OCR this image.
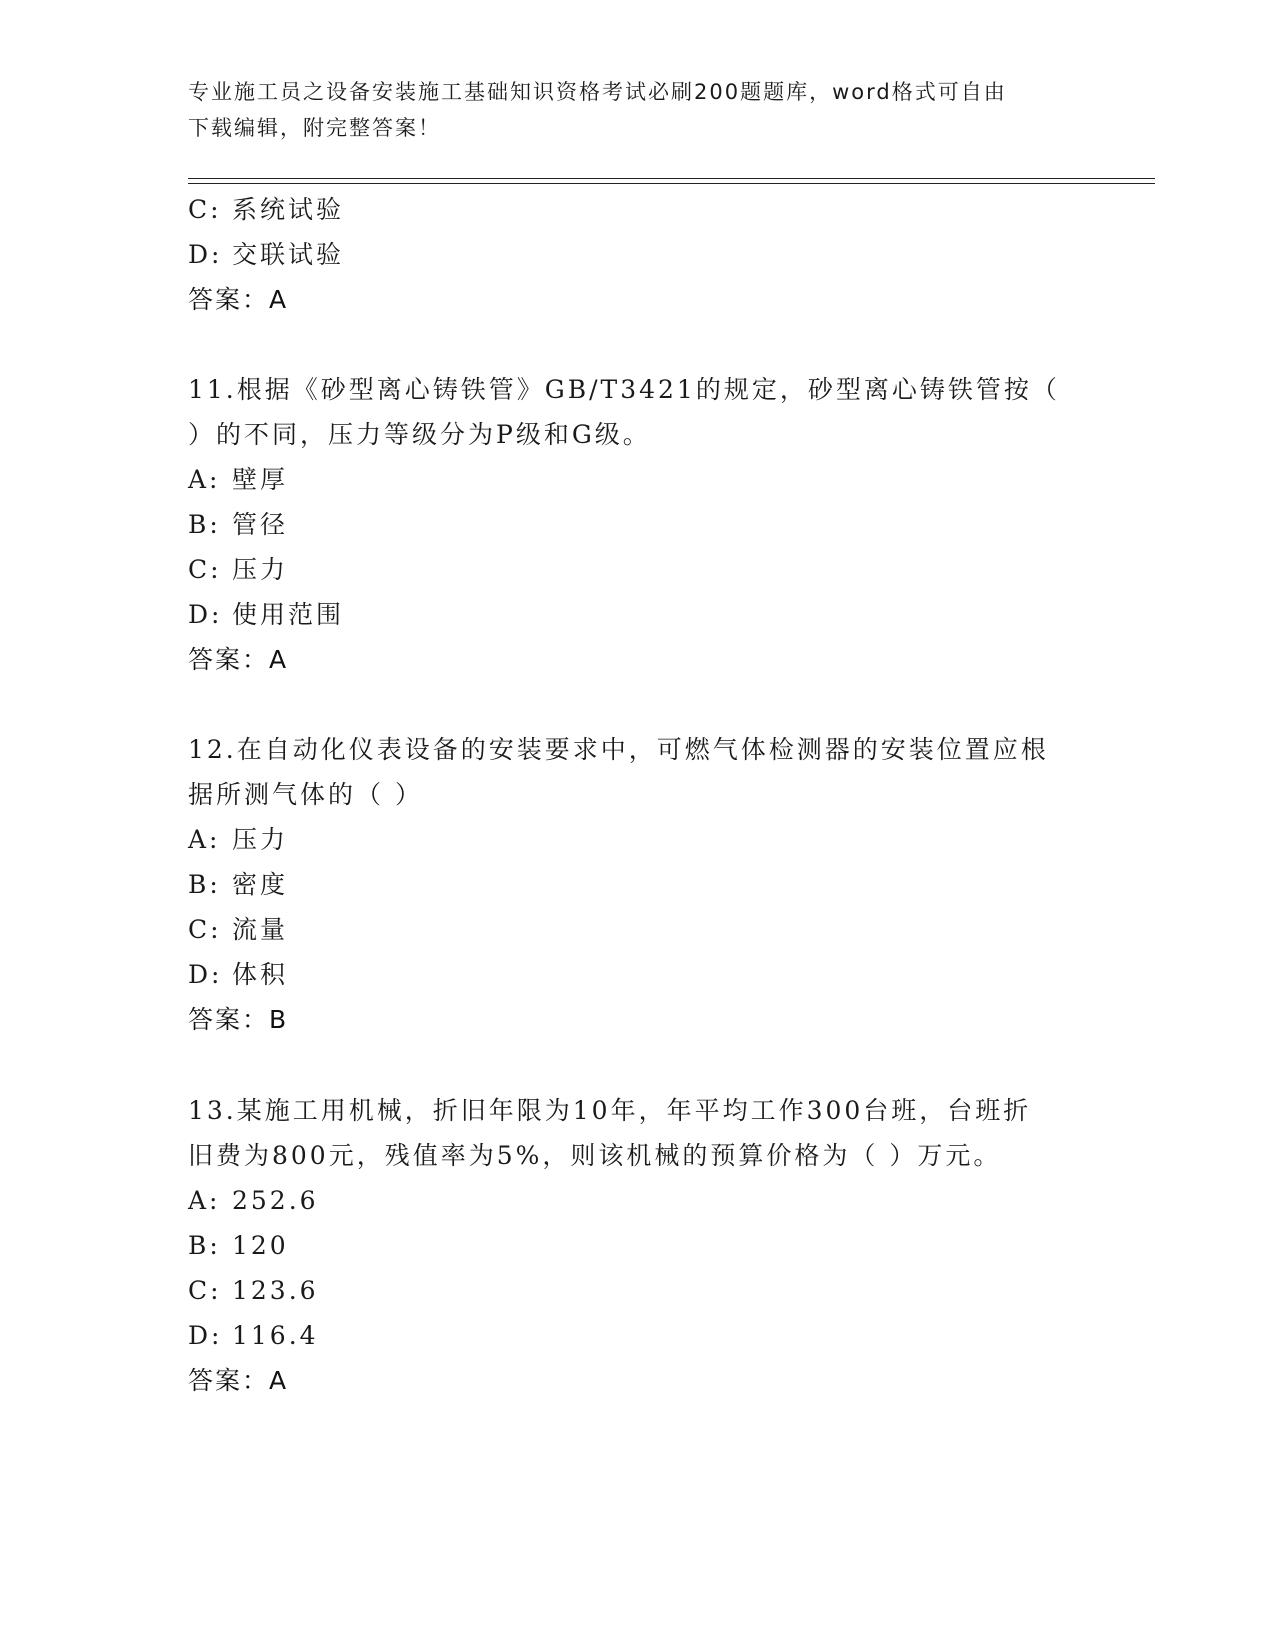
专业施工员之设备安装施工基础知识资格考试必刷200题题库，word格式可自由
下载编辑，附完整答案！
C: 系统试验
D: 交联试验
答案：A
11.根据《砂型离心铸铁管》GB/T3421的规定，砂型离心铸铁管按（
）的不同，压力等级分为P级和G级。
A: 壁厚
B: 管径
C: 压力
D: 使用范围
答案：A
12.在自动化仪表设备的安装要求中，可燃气体检测器的安装位置应根
据所测气体的（ ）
A: 压力
B: 密度
C: 流量
D: 体积
答案：B
13.某施工用机械，折旧年限为10年，年平均工作300台班，台班折
旧费为800元，残值率为5%，则该机械的预算价格为（ ）万元。
A: 252.6
B: 120
C: 123.6
D: 116.4
答案：A
